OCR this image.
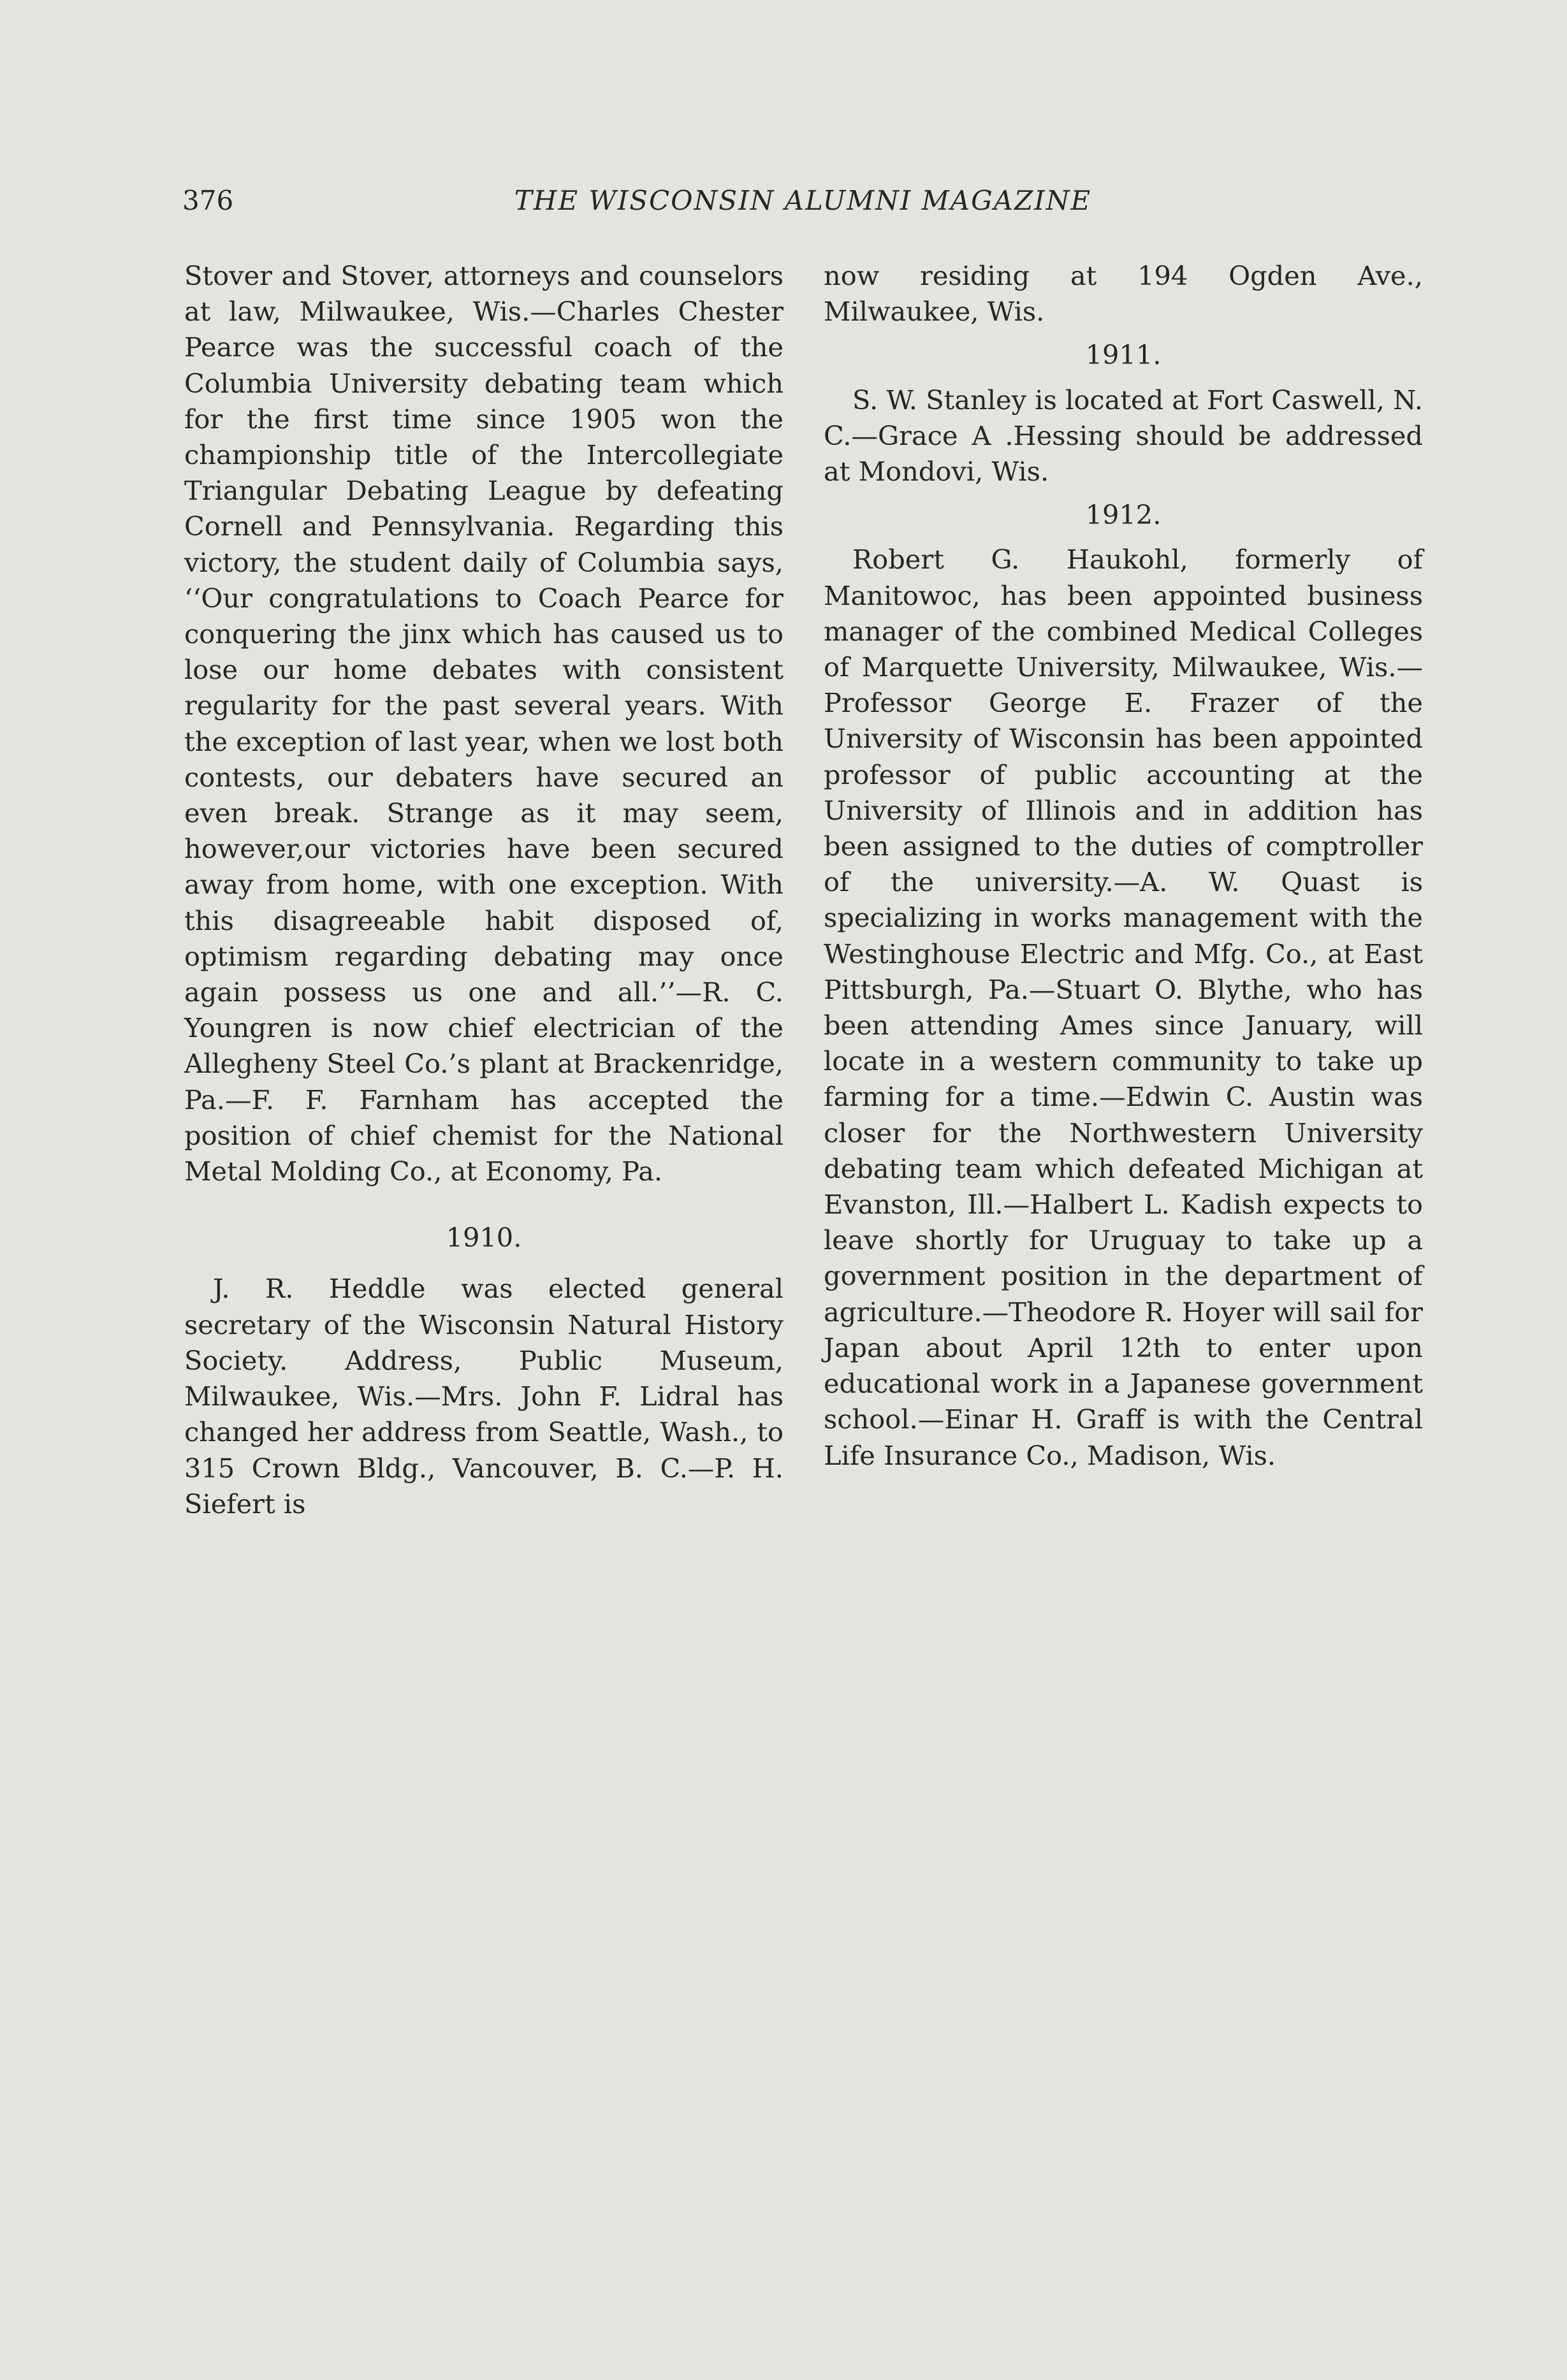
376	THE WISCONSIN ALUMNI MAGAZINE

Stover and Stover, attorneys and counselors at law, Milwaukee, Wis.—Charles Chester Pearce was the successful coach of the Columbia University debating team which for the first time since 1905 won the championship title of the Intercollegiate Triangular Debating League by defeating Cornell and Pennsylvania. Regarding this victory, the student daily of Columbia says, ‘‘Our congratulations to Coach Pearce for conquering the jinx which has caused us to lose our home debates with consistent regularity for the past several years. With the exception of last year, when we lost both contests, our debaters have secured an even break. Strange as it may seem, however,our victories have been secured away from home, with one exception. With this disagreeable habit disposed of, optimism regarding debating may once again possess us one and all.’’—R. C. Youngren is now chief electrician of the Allegheny Steel Co.’s plant at Brackenridge, Pa.—F. F. Farnham has accepted the position of chief chemist for the National Metal Molding Co., at Economy, Pa.

1910.

J. R. Heddle was elected general secretary of the Wisconsin Natural History Society. Address, Public Museum, Milwaukee, Wis.—Mrs. John F. Lidral has changed her address from Seattle, Wash., to 315 Crown Bldg., Vancouver, B. C.—P. H. Siefert is

now residing at 194 Ogden Ave., Milwaukee, Wis.

1911.

S. W. Stanley is located at Fort Caswell, N. C.—Grace A .Hessing should be addressed at Mondovi, Wis.

1912.

Robert G. Haukohl, formerly of Manitowoc, has been appointed business manager of the combined Medical Colleges of Marquette University, Milwaukee, Wis.—Professor George E. Frazer of the University of Wisconsin has been appointed professor of public accounting at the University of Illinois and in addition has been assigned to the duties of comptroller of the university.—A. W. Quast is specializing in works management with the Westinghouse Electric and Mfg. Co., at East Pittsburgh, Pa.—Stuart O. Blythe, who has been attending Ames since January, will locate in a western community to take up farming for a time.—Edwin C. Austin was closer for the Northwestern University debating team which defeated Michigan at Evanston, Ill.—Halbert L. Kadish expects to leave shortly for Uruguay to take up a government position in the department of agriculture.—Theodore R. Hoyer will sail for Japan about April 12th to enter upon educational work in a Japanese government school.—Einar H. Graff is with the Central Life Insurance Co., Madison, Wis.
